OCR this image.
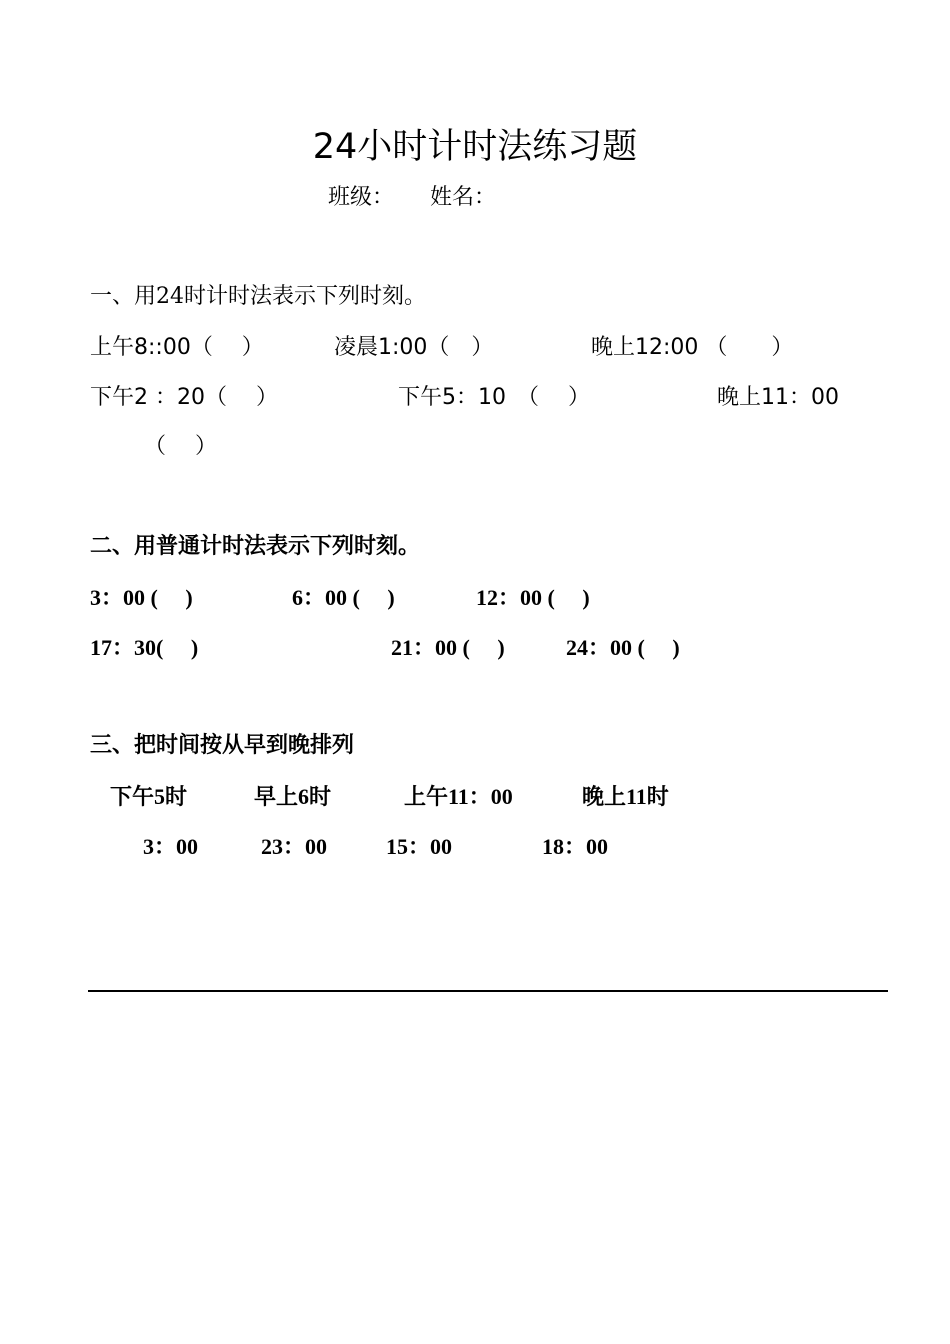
24小时计时法练习题
班级： 姓名：
一、用24时计时法表示下列时刻。
上午8::00（　 ）	凌晨1:00（　）	晚上12:00 （　　）
下午2 ：20（　 ）	下午5：10　（　 ）	晚上11：00
（　 ）
二、用普通计时法表示下列时刻。
3：00 (　 )	6：00 (　 )	12：00 (　 )
17：30(　 )	21：00 (　 )	24：00 (　 )
三、把时间按从早到晚排列
下午5时	早上6时	上午11：00	晚上11时
3：00	23：00	15：00	18：00
